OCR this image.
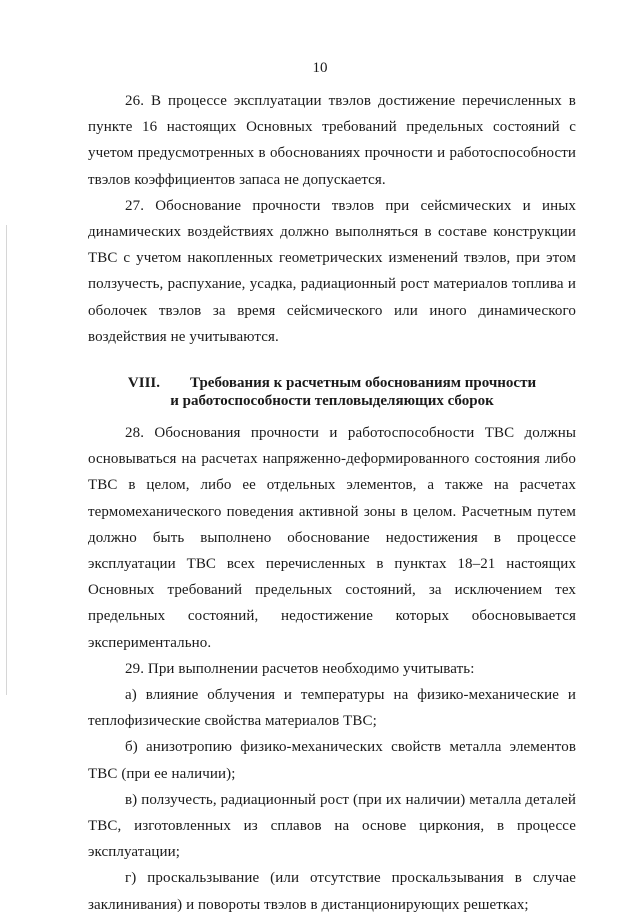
10

26. В процессе эксплуатации твэлов достижение перечисленных в пункте 16 настоящих Основных требований предельных состояний с учетом предусмотренных в обоснованиях прочности и работоспособности твэлов коэффициентов запаса не допускается.

27. Обоснование прочности твэлов при сейсмических и иных динамических воздействиях должно выполняться в составе конструкции ТВС с учетом накопленных геометрических изменений твэлов, при этом ползучесть, распухание, усадка, радиационный рост материалов топлива и оболочек твэлов за время сейсмического или иного динамического воздействия не учитываются.

VIII. Требования к расчетным обоснованиям прочности
и работоспособности тепловыделяющих сборок

28. Обоснования прочности и работоспособности ТВС должны основываться на расчетах напряженно-деформированного состояния либо ТВС в целом, либо ее отдельных элементов, а также на расчетах термомеханического поведения активной зоны в целом. Расчетным путем должно быть выполнено обоснование недостижения в процессе эксплуатации ТВС всех перечисленных в пунктах 18–21 настоящих Основных требований предельных состояний, за исключением тех предельных состояний, недостижение которых обосновывается экспериментально.

29. При выполнении расчетов необходимо учитывать:

а) влияние облучения и температуры на физико-механические и теплофизические свойства материалов ТВС;

б) анизотропию физико-механических свойств металла элементов ТВС (при ее наличии);

в) ползучесть, радиационный рост (при их наличии) металла деталей ТВС, изготовленных из сплавов на основе циркония, в процессе эксплуатации;

г) проскальзывание (или отсутствие проскальзывания в случае заклинивания) и повороты твэлов в дистанционирующих решетках;
